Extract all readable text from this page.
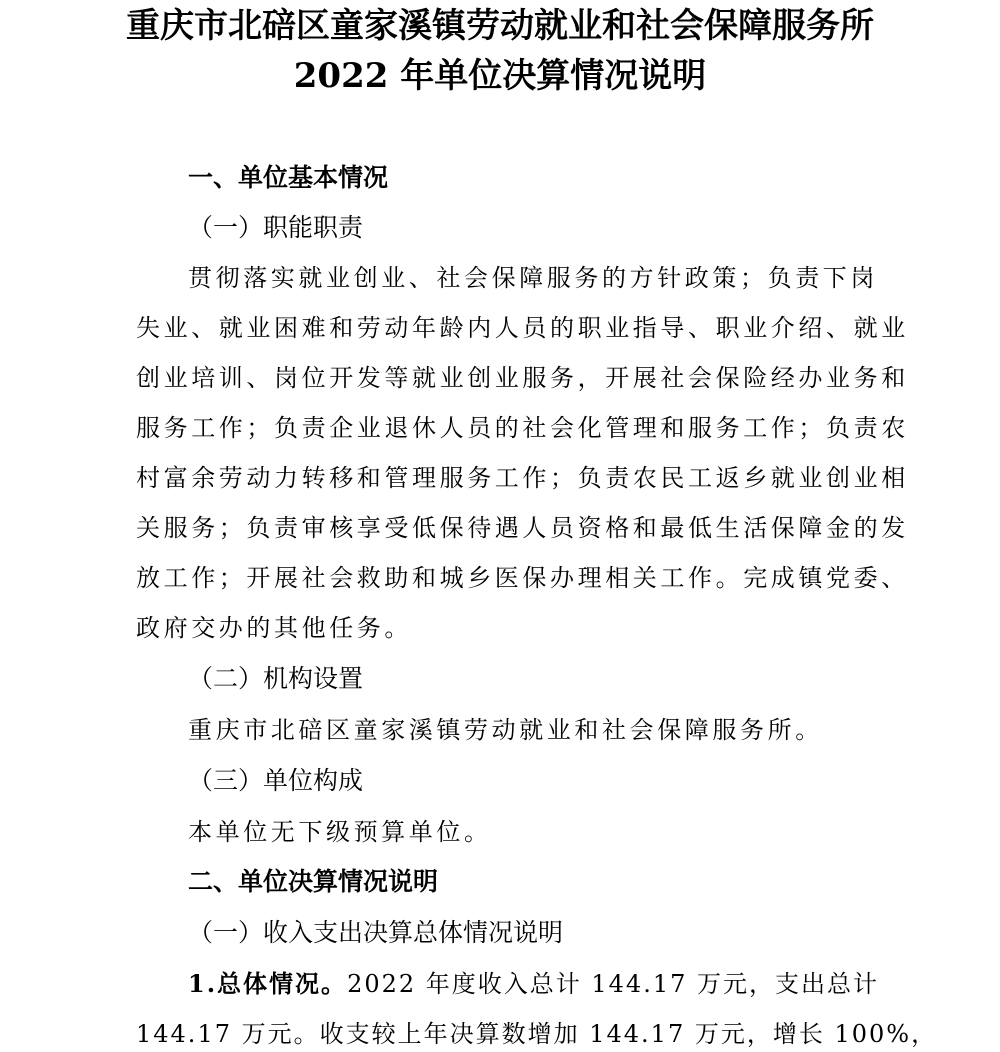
重庆市北碚区童家溪镇劳动就业和社会保障服务所
2022 年单位决算情况说明
一、单位基本情况
（一）职能职责
贯彻落实就业创业、社会保障服务的方针政策；负责下岗
失业、就业困难和劳动年龄内人员的职业指导、职业介绍、就业
创业培训、岗位开发等就业创业服务，开展社会保险经办业务和
服务工作；负责企业退休人员的社会化管理和服务工作；负责农
村富余劳动力转移和管理服务工作；负责农民工返乡就业创业相
关服务；负责审核享受低保待遇人员资格和最低生活保障金的发
放工作；开展社会救助和城乡医保办理相关工作。完成镇党委、
政府交办的其他任务。
（二）机构设置
重庆市北碚区童家溪镇劳动就业和社会保障服务所。
（三）单位构成
本单位无下级预算单位。
二、单位决算情况说明
（一）收入支出决算总体情况说明
1.总体情况。2022 年度收入总计 144.17 万元，支出总计
144.17 万元。收支较上年决算数增加 144.17 万元，增长 100%，
